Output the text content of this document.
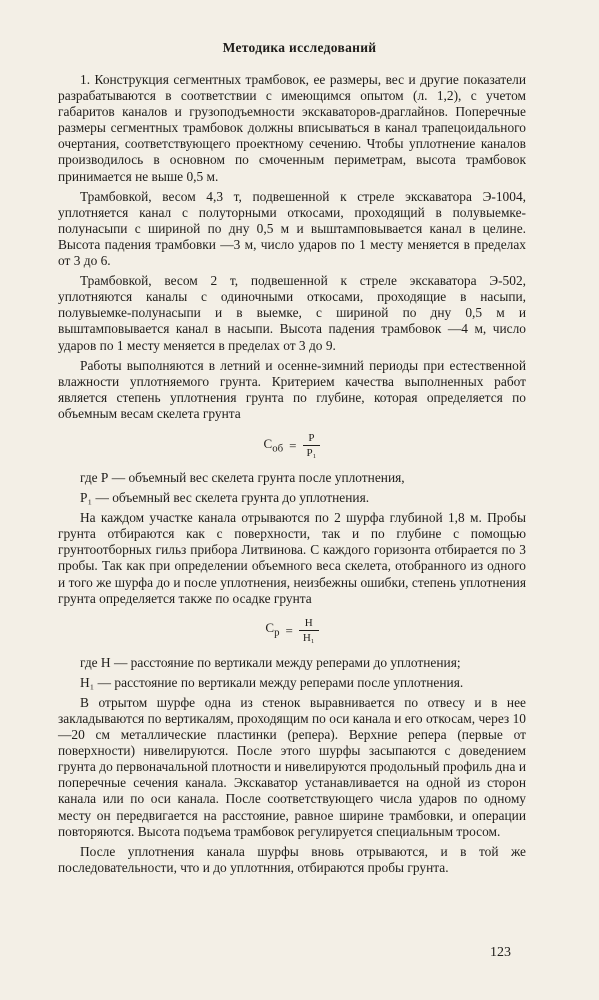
Методика исследований

1. Конструкция сегментных трамбовок, ее размеры, вес и другие показатели разрабатываются в соответствии с имеющимся опытом (л. 1,2), с учетом габаритов каналов и грузоподъемности экскаваторов-драглайнов. Поперечные размеры сегментных трамбовок должны вписываться в канал трапецоидального очертания, соответствующего проектному сечению. Чтобы уплотнение каналов производилось в основном по смоченным периметрам, высота трамбовок принимается не выше 0,5 м.

Трамбовкой, весом 4,3 т, подвешенной к стреле экскаватора Э-1004, уплотняется канал с полуторными откосами, проходящий в полувыемке-полунасыпи с шириной по дну 0,5 м и выштамповывается канал в целине. Высота падения трамбовки —3 м, число ударов по 1 месту меняется в пределах от 3 до 6.

Трамбовкой, весом 2 т, подвешенной к стреле экскаватора Э-502, уплотняются каналы с одиночными откосами, проходящие в насыпи, полувыемке-полунасыпи и в выемке, с шириной по дну 0,5 м и выштамповывается канал в насыпи. Высота падения трамбовок —4 м, число ударов по 1 месту меняется в пределах от 3 до 9.

Работы выполняются в летний и осенне-зимний периоды при естественной влажности уплотняемого грунта. Критерием качества выполненных работ является степень уплотнения грунта по глубине, которая определяется по объемным весам скелета грунта

$С_{об} = \frac{Р}{\text{Р₁}}$

где Р — объемный вес скелета грунта после уплотнения,

Р₁ — объемный вес скелета грунта до уплотнения.

На каждом участке канала отрываются по 2 шурфа глубиной 1,8 м. Пробы грунта отбираются как с поверхности, так и по глубине с помощью грунтоотборных гильз прибора Литвинова. С каждого горизонта отбирается по 3 пробы. Так как при определении объемного веса скелета, отобранного из одного и того же шурфа до и после уплотнения, неизбежны ошибки, степень уплотнения грунта определяется также по осадке грунта

$С_р = \frac{Н}{\text{Н₁}}$

где Н — расстояние по вертикали между реперами до уплотнения;

Н₁ — расстояние по вертикали между реперами после уплотнения.

В отрытом шурфе одна из стенок выравнивается по отвесу и в нее закладываются по вертикалям, проходящим по оси канала и его откосам, через 10—20 см металлические пластинки (репера). Верхние репера (первые от поверхности) нивелируются. После этого шурфы засыпаются с доведением грунта до первоначальной плотности и нивелируются продольный профиль дна и поперечные сечения канала. Экскаватор устанавливается на одной из сторон канала или по оси канала. После соответствующего числа ударов по одному месту он передвигается на расстояние, равное ширине трамбовки, и операции повторяются. Высота подъема трамбовок регулируется специальным тросом.

После уплотнения канала шурфы вновь отрываются, и в той же последовательности, что и до уплотнния, отбираются пробы грунта.

123
